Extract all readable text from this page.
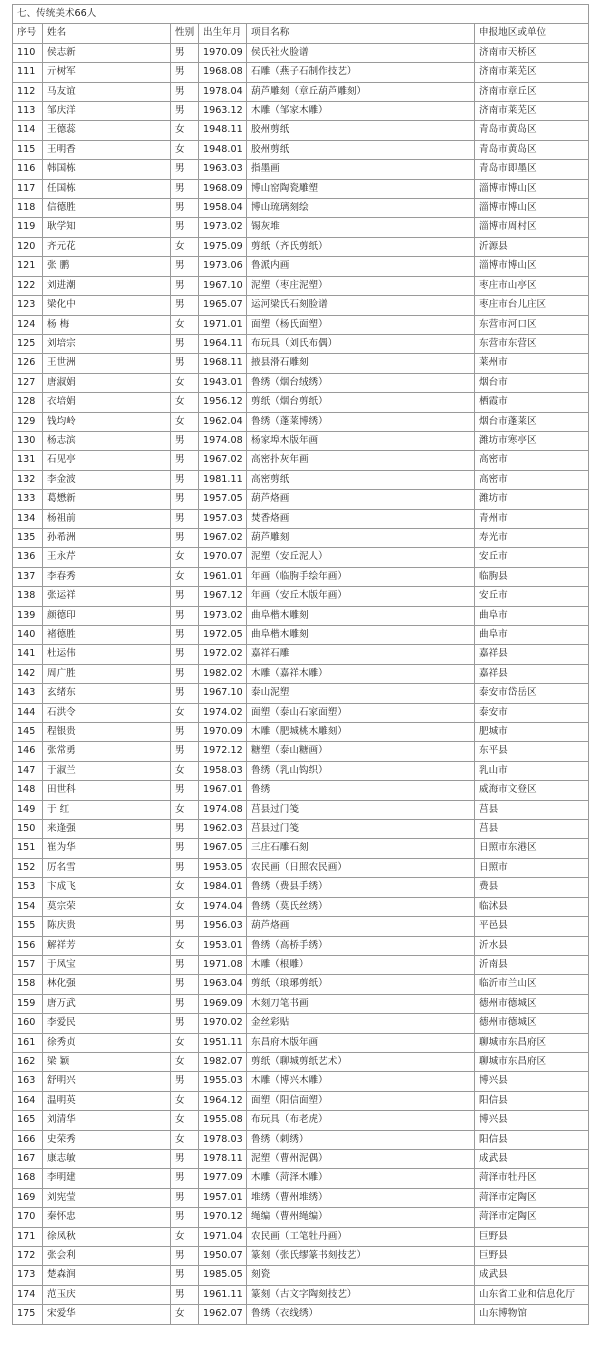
七、传统美术66人					
序号	姓名	性别	出生年月	项目名称	申报地区或单位
110	侯志新	男	1970.09	侯氏社火脸谱	济南市天桥区
111	亓树军	男	1968.08	石雕（燕子石制作技艺）	济南市莱芜区
112	马友谊	男	1978.04	葫芦雕刻（章丘葫芦雕刻）	济南市章丘区
113	邹庆洋	男	1963.12	木雕（邹家木雕）	济南市莱芜区
114	王德蕊	女	1948.11	胶州剪纸	青岛市黄岛区
115	王明香	女	1948.01	胶州剪纸	青岛市黄岛区
116	韩国栋	男	1963.03	指墨画	青岛市即墨区
117	任国栋	男	1968.09	博山窑陶瓷雕塑	淄博市博山区
118	信德胜	男	1958.04	博山琉璃刻绘	淄博市博山区
119	耿学知	男	1973.02	锡灰堆	淄博市周村区
120	齐元花	女	1975.09	剪纸（齐氏剪纸）	沂源县
121	张 鹏	男	1973.06	鲁派内画	淄博市博山区
122	刘进潮	男	1967.10	泥塑（枣庄泥塑）	枣庄市山亭区
123	梁化中	男	1965.07	运河梁氏石刻脸谱	枣庄市台儿庄区
124	杨 梅	女	1971.01	面塑（杨氏面塑）	东营市河口区
125	刘培宗	男	1964.11	布玩具（刘氏布偶）	东营市东营区
126	王世洲	男	1968.11	掖县滑石雕刻	莱州市
127	唐淑娟	女	1943.01	鲁绣（烟台绒绣）	烟台市
128	衣培娟	女	1956.12	剪纸（烟台剪纸）	栖霞市
129	钱均岭	女	1962.04	鲁绣（蓬莱博绣）	烟台市蓬莱区
130	杨志滨	男	1974.08	杨家埠木版年画	潍坊市寒亭区
131	石见亭	男	1967.02	高密扑灰年画	高密市
132	李金波	男	1981.11	高密剪纸	高密市
133	葛懋新	男	1957.05	葫芦烙画	潍坊市
134	杨祖前	男	1957.03	焚香烙画	青州市
135	孙希洲	男	1967.02	葫芦雕刻	寿光市
136	王永芹	女	1970.07	泥塑（安丘泥人）	安丘市
137	李春秀	女	1961.01	年画（临朐手绘年画）	临朐县
138	张运祥	男	1967.12	年画（安丘木版年画）	安丘市
139	颜德印	男	1973.02	曲阜楷木雕刻	曲阜市
140	褚德胜	男	1972.05	曲阜楷木雕刻	曲阜市
141	杜运伟	男	1972.02	嘉祥石雕	嘉祥县
142	周广胜	男	1982.02	木雕（嘉祥木雕）	嘉祥县
143	玄绪东	男	1967.10	泰山泥塑	泰安市岱岳区
144	石洪令	女	1974.02	面塑（泰山石家面塑）	泰安市
145	程银贵	男	1970.09	木雕（肥城桃木雕刻）	肥城市
146	张常勇	男	1972.12	糖塑（泰山糖画）	东平县
147	于淑兰	女	1958.03	鲁绣（乳山钩织）	乳山市
148	田世科	男	1967.01	鲁绣	威海市文登区
149	于 红	女	1974.08	莒县过门笺	莒县
150	来逢强	男	1962.03	莒县过门笺	莒县
151	崔为华	男	1967.05	三庄石雕石刻	日照市东港区
152	厉名雪	男	1953.05	农民画（日照农民画）	日照市
153	卞成飞	女	1984.01	鲁绣（费县手绣）	费县
154	莫宗荣	女	1974.04	鲁绣（莫氏丝绣）	临沭县
155	陈庆贵	男	1956.03	葫芦烙画	平邑县
156	解祥芳	女	1953.01	鲁绣（高桥手绣）	沂水县
157	于凤宝	男	1971.08	木雕（根雕）	沂南县
158	林化强	男	1963.04	剪纸（琅琊剪纸）	临沂市兰山区
159	唐万武	男	1969.09	木刻刀笔书画	德州市德城区
160	李爱民	男	1970.02	金丝彩贴	德州市德城区
161	徐秀贞	女	1951.11	东昌府木版年画	聊城市东昌府区
162	梁 颖	女	1982.07	剪纸（聊城剪纸艺术）	聊城市东昌府区
163	舒明兴	男	1955.03	木雕（博兴木雕）	博兴县
164	温明英	女	1964.12	面塑（阳信面塑）	阳信县
165	刘清华	女	1955.08	布玩具（布老虎）	博兴县
166	史荣秀	女	1978.03	鲁绣（刺绣）	阳信县
167	康志敏	男	1978.11	泥塑（曹州泥偶）	成武县
168	李明建	男	1977.09	木雕（菏泽木雕）	菏泽市牡丹区
169	刘宪莹	男	1957.01	堆绣（曹州堆绣）	菏泽市定陶区
170	秦怀忠	男	1970.12	绳编（曹州绳编）	菏泽市定陶区
171	徐凤秋	女	1971.04	农民画（工笔牡丹画）	巨野县
172	张会利	男	1950.07	篆刻（张氏缪篆书刻技艺）	巨野县
173	楚森润	男	1985.05	刻瓷	成武县
174	范玉庆	男	1961.11	篆刻（古文字陶刻技艺）	山东省工业和信息化厅
175	宋爱华	女	1962.07	鲁绣（衣线绣）	山东博物馆
